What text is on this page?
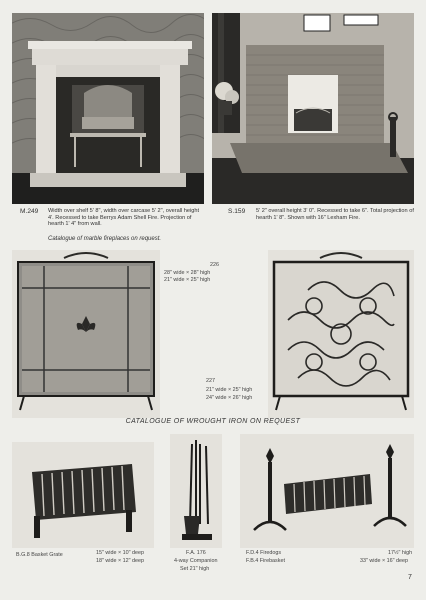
M.249 Width over shelf 5' 8", width over carcase 5' 2", overall height 4'. Recessed to take Berrys Adam Shell Fire. Projection of hearth 1' 4" from wall.
Catalogue of marble fireplaces on request.
S.159 5' 2" overall height 3' 0". Recessed to take 6". Total projection of hearth 1' 8". Shown with 16" Lexham Fire.
226
28" wide × 28" high
21" wide × 25" high
227
21" wide × 25" high
24" wide × 26" high
CATALOGUE OF WROUGHT IRON ON REQUEST
B.G.8 Basket Grate	15" wide × 10" deep
18" wide × 12" deep
F.A. 176
4-way Companion
Set 21" high
F.D.4 Firedogs
F.B.4 Firebasket
17½" high
33" wide × 16" deep
7
